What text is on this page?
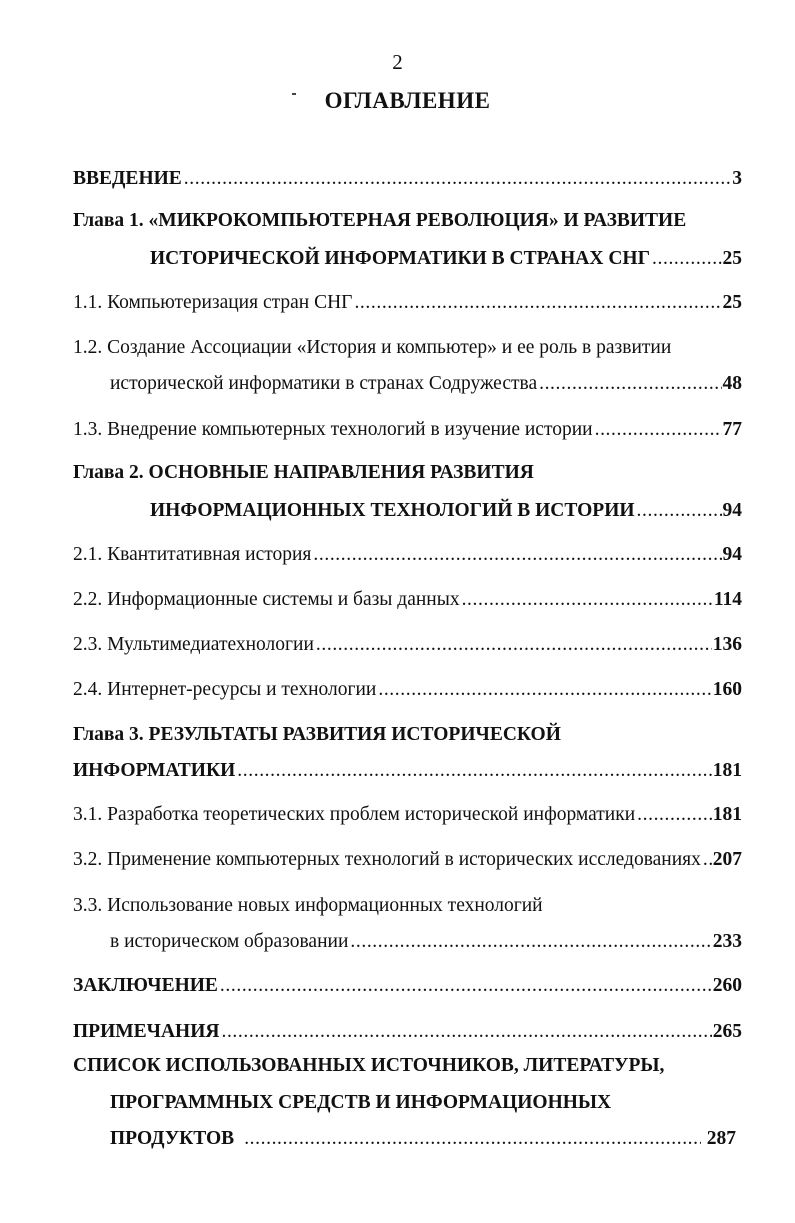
2
ОГЛАВЛЕНИЕ
ВВЕДЕНИЕ .....	3
Глава 1. «МИКРОКОМПЬЮТЕРНАЯ РЕВОЛЮЦИЯ» И РАЗВИТИЕ
ИСТОРИЧЕСКОЙ ИНФОРМАТИКИ В СТРАНАХ СНГ .....	25
1.1. Компьютеризация стран СНГ .....	25
1.2. Создание Ассоциации «История и компьютер» и ее роль в развитии
исторической информатики в странах Содружества .....	48
1.3. Внедрение компьютерных технологий в изучение истории .....	77
Глава 2. ОСНОВНЫЕ НАПРАВЛЕНИЯ РАЗВИТИЯ
ИНФОРМАЦИОННЫХ ТЕХНОЛОГИЙ В ИСТОРИИ .....	94
2.1. Квантитативная история .....	94
2.2. Информационные системы и базы данных .....	114
2.3. Мультимедиатехнологии .....	136
2.4. Интернет-ресурсы и технологии .....	160
Глава 3. РЕЗУЛЬТАТЫ РАЗВИТИЯ ИСТОРИЧЕСКОЙ
ИНФОРМАТИКИ .....	181
3.1. Разработка теоретических проблем исторической информатики .....	181
3.2. Применение компьютерных технологий в исторических исследованиях ..... 207
3.3. Использование новых информационных технологий
в историческом образовании .....	233
ЗАКЛЮЧЕНИЕ .....	260
ПРИМЕЧАНИЯ .....	265
СПИСОК ИСПОЛЬЗОВАННЫХ ИСТОЧНИКОВ, ЛИТЕРАТУРЫ,
ПРОГРАММНЫХ СРЕДСТВ И ИНФОРМАЦИОННЫХ
ПРОДУКТОВ .....	287
